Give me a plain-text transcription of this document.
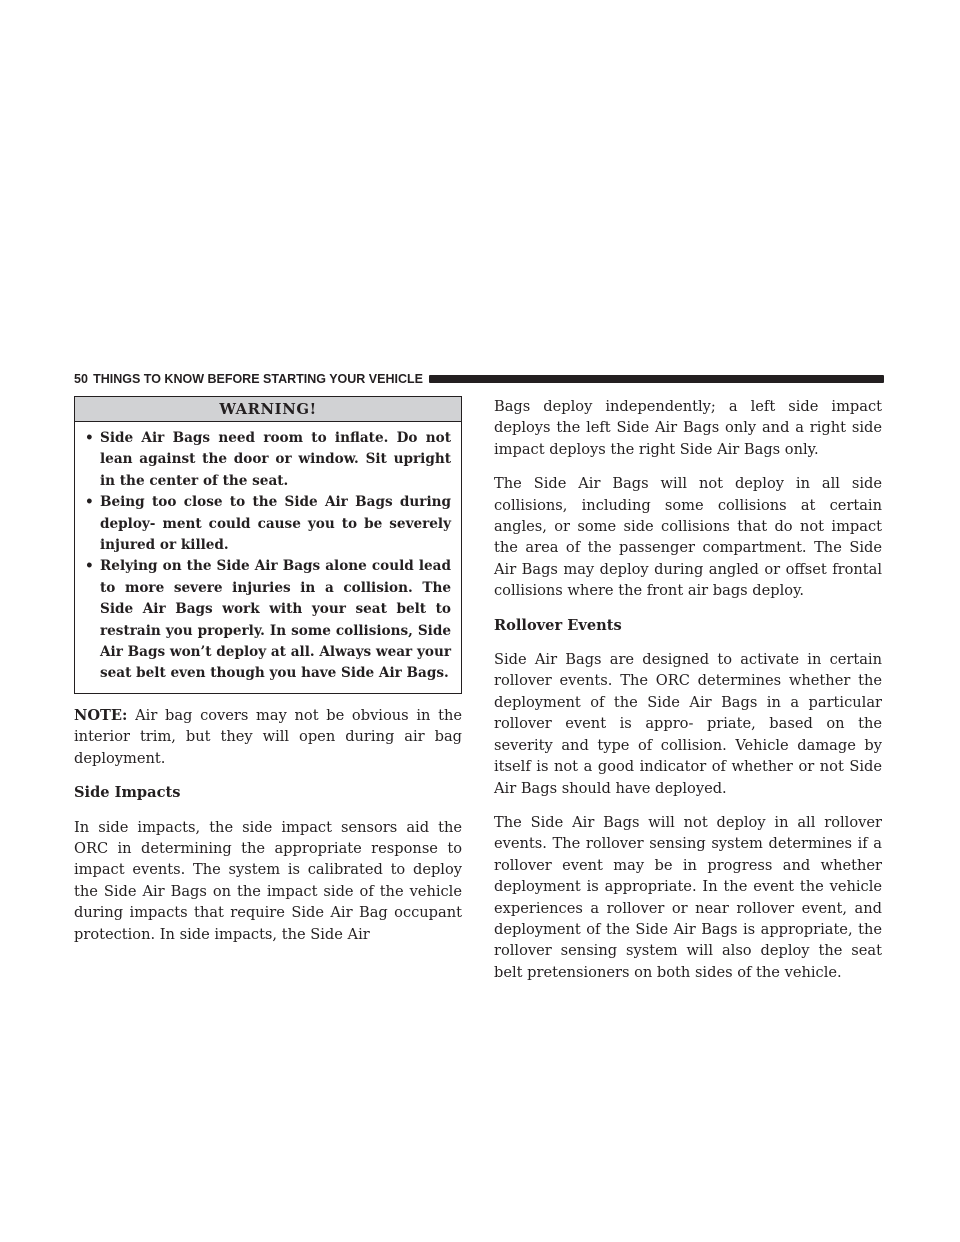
50 THINGS TO KNOW BEFORE STARTING YOUR VEHICLE
WARNING!
• Side Air Bags need room to inflate. Do not lean against the door or window. Sit upright in the center of the seat.
• Being too close to the Side Air Bags during deploy- ment could cause you to be severely injured or killed.
• Relying on the Side Air Bags alone could lead to more severe injuries in a collision. The Side Air Bags work with your seat belt to restrain you properly. In some collisions, Side Air Bags won’t deploy at all. Always wear your seat belt even though you have Side Air Bags.

NOTE: Air bag covers may not be obvious in the interior trim, but they will open during air bag deployment.

Side Impacts

In side impacts, the side impact sensors aid the ORC in determining the appropriate response to impact events. The system is calibrated to deploy the Side Air Bags on the impact side of the vehicle during impacts that require Side Air Bag occupant protection. In side impacts, the Side Air

Bags deploy independently; a left side impact deploys the left Side Air Bags only and a right side impact deploys the right Side Air Bags only.

The Side Air Bags will not deploy in all side collisions, including some collisions at certain angles, or some side collisions that do not impact the area of the passenger compartment. The Side Air Bags may deploy during angled or offset frontal collisions where the front air bags deploy.

Rollover Events

Side Air Bags are designed to activate in certain rollover events. The ORC determines whether the deployment of the Side Air Bags in a particular rollover event is appro- priate, based on the severity and type of collision. Vehicle damage by itself is not a good indicator of whether or not Side Air Bags should have deployed.

The Side Air Bags will not deploy in all rollover events. The rollover sensing system determines if a rollover event may be in progress and whether deployment is appropriate. In the event the vehicle experiences a rollover or near rollover event, and deployment of the Side Air Bags is appropriate, the rollover sensing system will also deploy the seat belt pretensioners on both sides of the vehicle.
